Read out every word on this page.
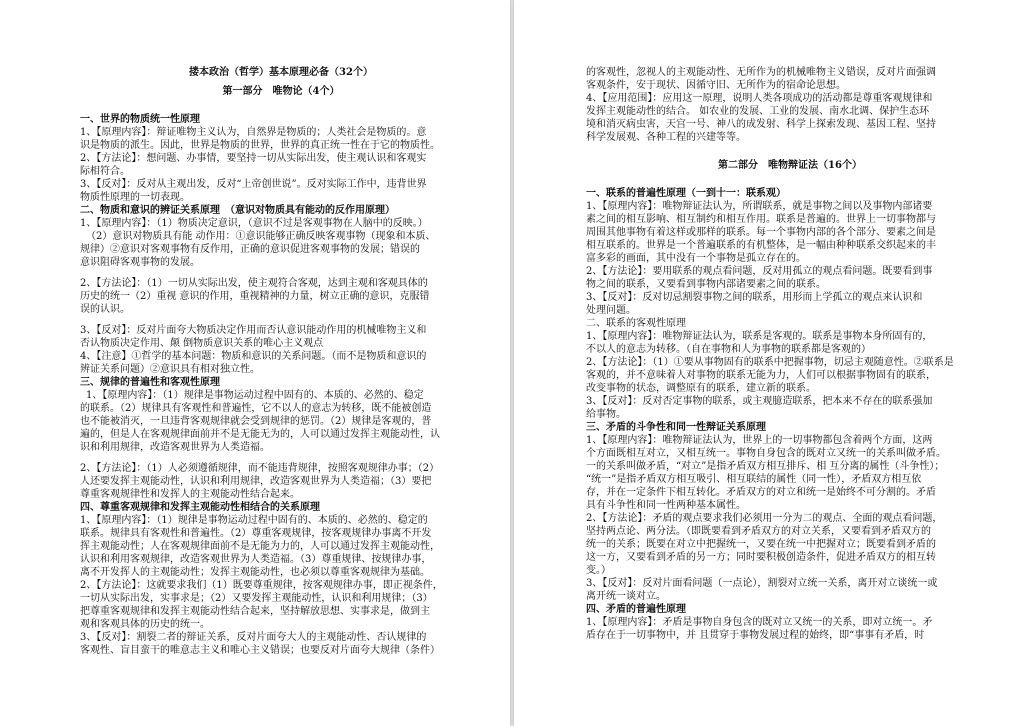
搂本政治（哲学）基本原理必备（32个）
第一部分　唯物论（4个）
一、世界的物质统一性原理
1、【原理内容】：辩证唯物主义认为，自然界是物质的；人类社会是物质的。意
识是物质的派生。因此，世界是物质的世界，世界的真正统一性在于它的物质性。
2、【方法论】：想问题、办事情，要坚持一切从实际出发，使主观认识和客观实
际相符合。
3、【反对】：反对从主观出发，反对“上帝创世说”。反对实际工作中，违背世界
物质性原理的一切表现。
二、物质和意识的辨证关系原理　（意识对物质具有能动的反作用原理）
1、【原理内容】：（1）物质决定意识，（意识不过是客观事物在人脑中的反映。）
（2）意识对物质具有能 动作用：①意识能够正确反映客观事物（现象和本质、
规律）②意识对客观事物有反作用，正确的意识促进客观事物的发展；错误的
意识阻碍客观事物的发展。
2、【方法论】：（1）一切从实际出发，使主观符合客观，达到主观和客观具体的
历史的统一（2）重视 意识的作用，重视精神的力量，树立正确的意识，克服错
误的认识。
3、【反对】：反对片面夸大物质决定作用而否认意识能动作用的机械唯物主义和
否认物质决定作用、颠 倒物质意识关系的唯心主义观点
4、【注意】①哲学的基本问题：物质和意识的关系问题。（而不是物质和意识的
辨证关系问题）②意识具有相对独立性。
三、规律的普遍性和客观性原理
1、【原理内容】：（1）规律是事物运动过程中固有的、本质的、必然的、稳定
的联系。（2）规律具有客观性和普遍性，它不以人的意志为转移，既不能被创造
也不能被消灭，一旦违背客观规律就会受到规律的惩罚。（2）规律是客观的，普
遍的，但是人在客观规律面前并不是无能无为的，人可以通过发挥主观能动性，认
识和利用规律，改造客观世界为人类造福。
2、【方法论】：（1）人必须遵循规律，而不能违背规律，按照客观规律办事；（2）
人还要发挥主观能动性，认识和利用规律，改造客观世界为人类造福；（3）要把
尊重客观规律性和发挥人的主观能动性结合起来。
四、尊重客观规律和发挥主观能动性相结合的关系原理
1、【原理内容】：（1）规律是事物运动过程中固有的、本质的、必然的、稳定的
联系。规律具有客观性和普遍性。（2）尊重客观规律，按客观规律办事离不开发
挥主观能动性；人在客观规律面前不是无能为力的，人可以通过发挥主观能动性，
认识和利用客观规律，改造客观世界为人类造福。（3）尊重规律、按规律办事，
离不开发挥人的主观能动性；发挥主观能动性，也必须以尊重客观规律为基础。
2、【方法论】：这就要求我们（1）既要尊重规律，按客观规律办事，即正视条件，
一切从实际出发，实事求是；（2）又要发挥主观能动性，认识和利用规律；（3）
把尊重客观规律和发挥主观能动性结合起来，坚持解放思想、实事求是，做到主
观和客观具体的历史的统一。
3、【反对】：割裂二者的辩证关系，反对片面夸大人的主观能动性、否认规律的
客观性、盲目蛮干的唯意志主义和唯心主义错误；也要反对片面夸大规律（条件）
的客观性，忽视人的主观能动性、无所作为的机械唯物主义错误，反对片面强调
客观条件，安于现状、因循守旧、无所作为的宿命论思想。
4、【应用范围】：应用这一原理，说明人类各项成功的活动都是尊重客观规律和
发挥主观能动性的结合。 如农业的发展、工业的发展、南水北调、保护生态环
境和消灭病虫害，天宫一号、神八的成发射、科学上探索发现、基因工程、坚持
科学发展观、各种工程的兴建等等。
第二部分　唯物辩证法（16个）
一、联系的普遍性原理（一到十一：联系观）
1、【原理内容】：唯物辩证法认为，所谓联系，就是事物之间以及事物内部诸要
素之间的相互影响、相互制约和相互作用。联系是普遍的。世界上一切事物都与
周围其他事物有着这样或那样的联系。每一个事物内部的各个部分、要素之间是
相互联系的。世界是一个普遍联系的有机整体，是一幅由种种联系交织起来的丰
富多彩的画面，其中没有一个事物是孤立存在的。
2、【方法论】：要用联系的观点看问题，反对用孤立的观点看问题。既要看到事
物之间的联系，又要看到事物内部诸要素之间的联系。
3、【反对】：反对切忌割裂事物之间的联系，用形而上学孤立的观点来认识和
处理问题。
二、联系的客观性原理
1、【原理内容】：唯物辩证法认为，联系是客观的。联系是事物本身所固有的，
不以人的意志为转移。（自在事物和人为事物的联系都是客观的）
2、【方法论】：（1）①要从事物固有的联系中把握事物，切忌主观随意性。②联系是
客观的，并不意味着人对事物的联系无能为力，人们可以根据事物固有的联系，
改变事物的状态，调整原有的联系，建立新的联系。
3、【反对】：反对否定事物的联系，或主观臆造联系，把本来不存在的联系强加
给事物。
三、矛盾的斗争性和同一性辩证关系原理
1、【原理内容】：唯物辩证法认为，世界上的一切事物都包含着两个方面，这两
个方面既相互对立，又相互统一。事物自身包含的既对立又统一的关系叫做矛盾。
一的关系叫做矛盾，“对立”是指矛盾双方相互排斥、相 互分离的属性（斗争性）；
“统一”是指矛盾双方相互吸引、相互联结的属性（同一性），矛盾双方相互依
存，并在一定条件下相互转化。矛盾双方的对立和统一是始终不可分割的。矛盾
具有斗争性和同一性两种基本属性。
2、【方法论】：矛盾的观点要求我们必须用一分为二的观点、全面的观点看问题，
坚持两点论、两分法。（即既要看到矛盾双方的对立关系，又要看到矛盾双方的
统一的关系；既要在对立中把握统一，又要在统一中把握对立；既要看到矛盾的
这一方，又要看到矛盾的另一方；同时要积极创造条件，促进矛盾双方的相互转
变。）
3、【反对】：反对片面看问题（一点论），割裂对立统一关系，离开对立谈统一或
离开统一谈对立。
四、矛盾的普遍性原理
1、【原理内容】：矛盾是事物自身包含的既对立又统一的关系，即对立统一。矛
盾存在于一切事物中，并 且贯穿于事物发展过程的始终，即“事事有矛盾，时
